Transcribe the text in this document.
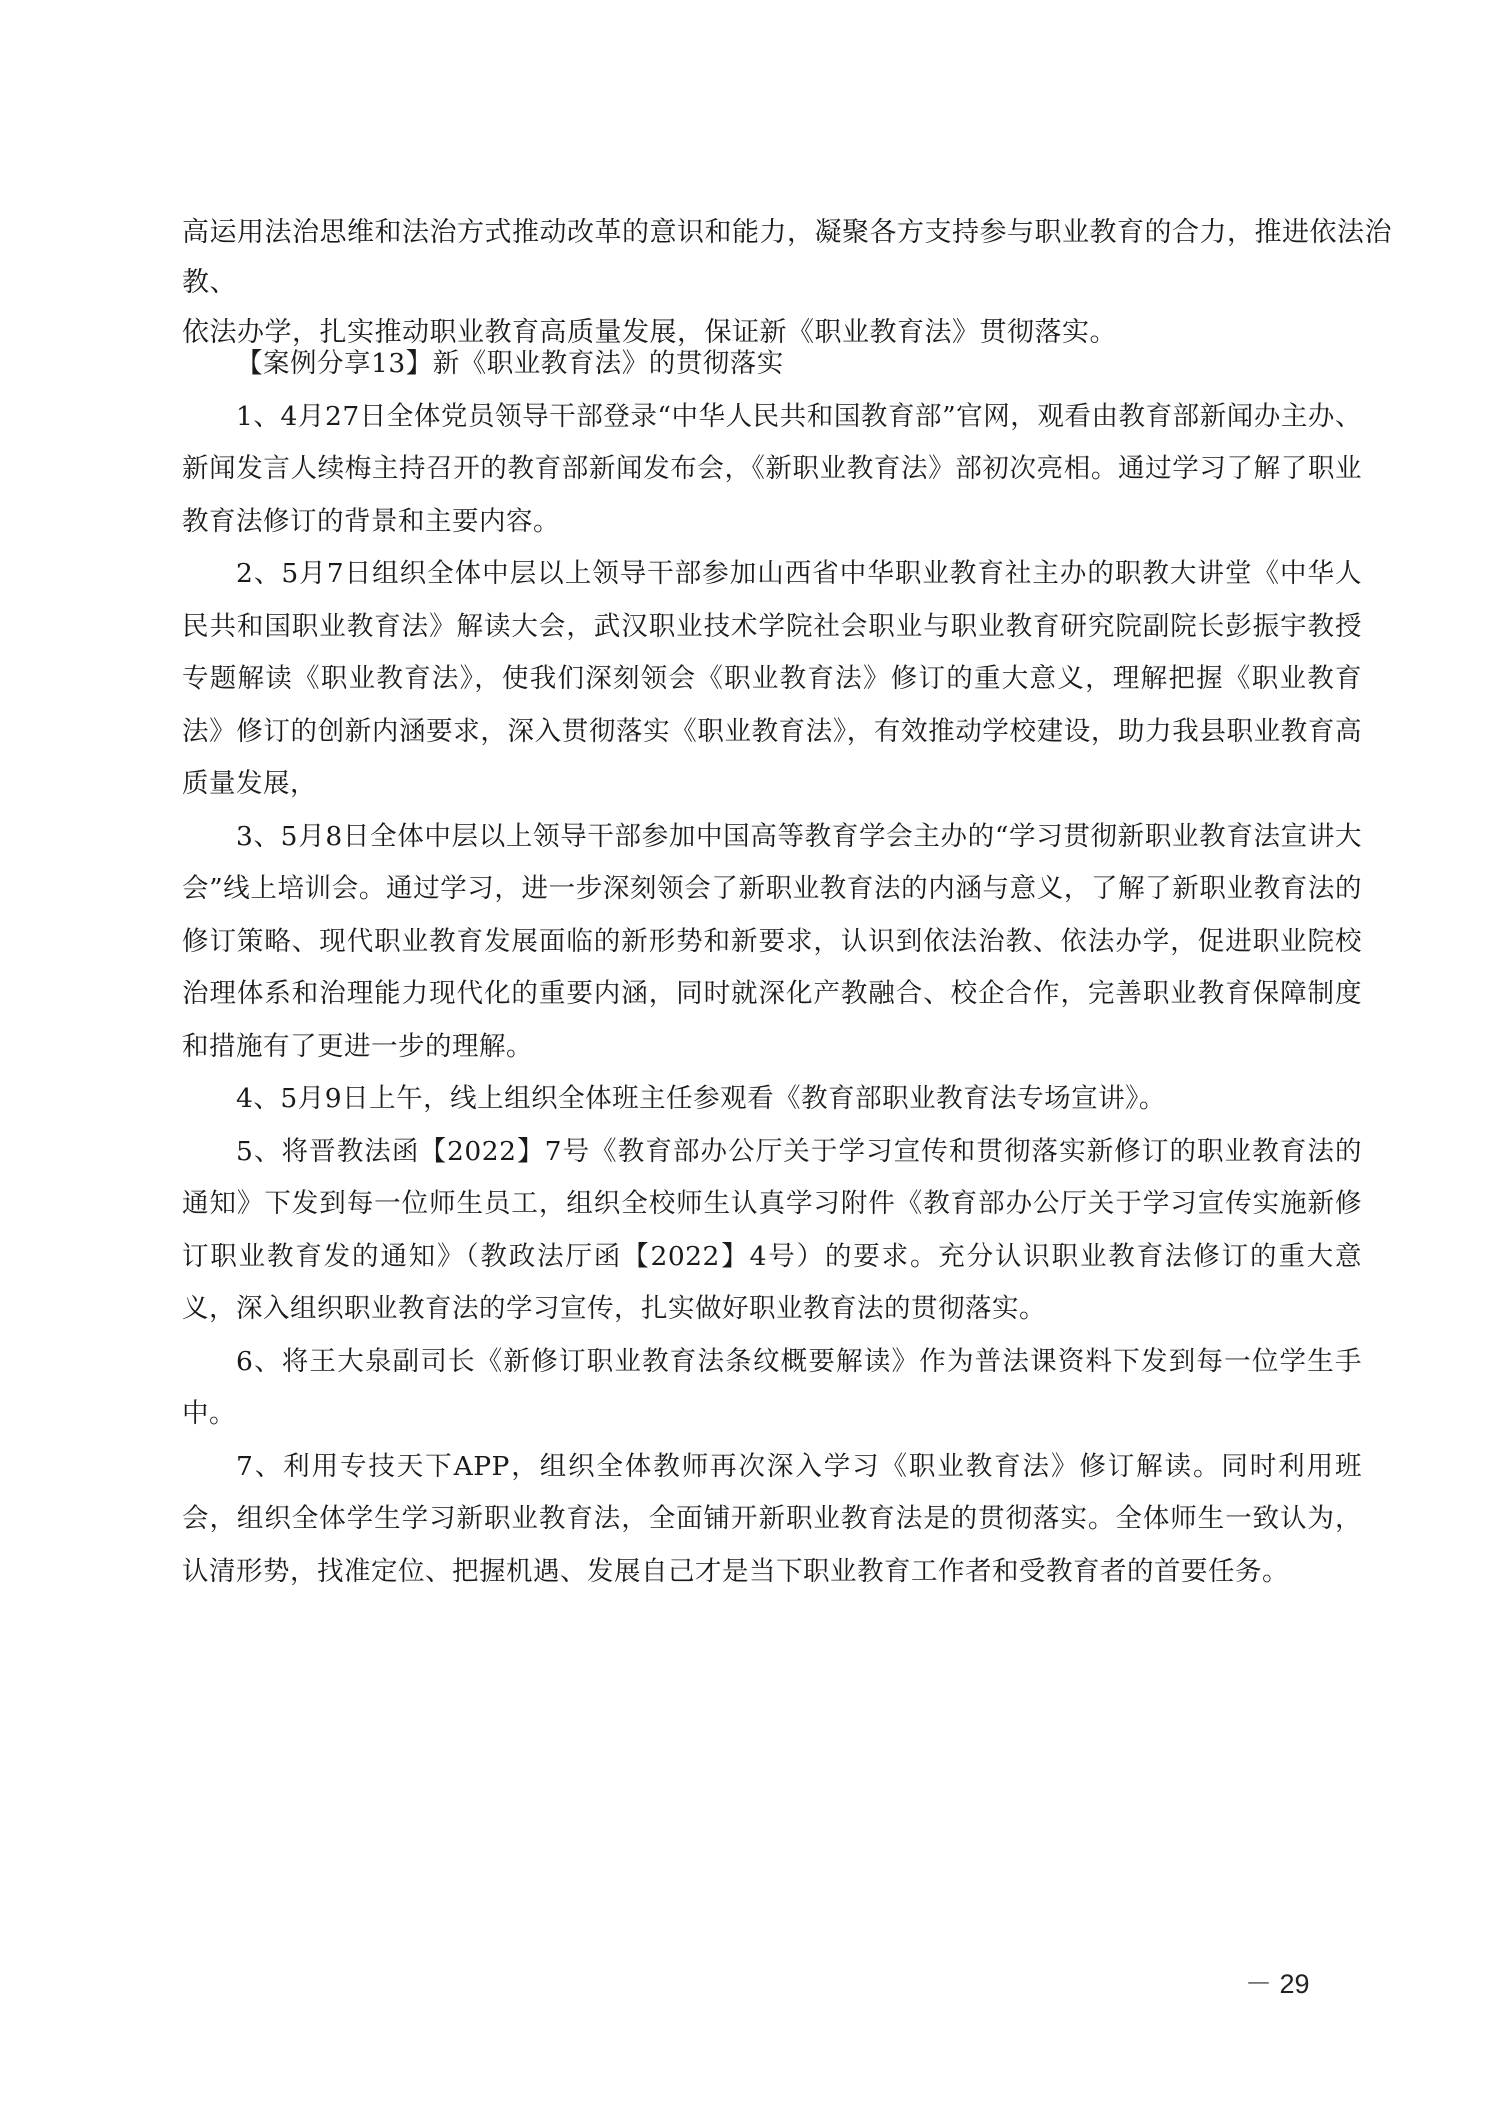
高运用法治思维和法治方式推动改革的意识和能力，凝聚各方支持参与职业教育的合力，推进依法治教、
依法办学，扎实推动职业教育高质量发展，保证新《职业教育法》贯彻落实。

【案例分享13】新《职业教育法》的贯彻落实

1、4月27日全体党员领导干部登录“中华人民共和国教育部”官网，观看由教育部新闻办主办、新闻发言人续梅主持召开的教育部新闻发布会，《新职业教育法》部初次亮相。通过学习了解了职业教育法修订的背景和主要内容。

2、5月7日组织全体中层以上领导干部参加山西省中华职业教育社主办的职教大讲堂《中华人民共和国职业教育法》解读大会，武汉职业技术学院社会职业与职业教育研究院副院长彭振宇教授专题解读《职业教育法》，使我们深刻领会《职业教育法》修订的重大意义，理解把握《职业教育法》修订的创新内涵要求，深入贯彻落实《职业教育法》，有效推动学校建设，助力我县职业教育高质量发展，

3、5月8日全体中层以上领导干部参加中国高等教育学会主办的“学习贯彻新职业教育法宣讲大会”线上培训会。通过学习，进一步深刻领会了新职业教育法的内涵与意义，了解了新职业教育法的修订策略、现代职业教育发展面临的新形势和新要求，认识到依法治教、依法办学，促进职业院校治理体系和治理能力现代化的重要内涵，同时就深化产教融合、校企合作，完善职业教育保障制度和措施有了更进一步的理解。

4、5月9日上午，线上组织全体班主任参观看《教育部职业教育法专场宣讲》。

5、将晋教法函【2022】7号《教育部办公厅关于学习宣传和贯彻落实新修订的职业教育法的通知》下发到每一位师生员工，组织全校师生认真学习附件《教育部办公厅关于学习宣传实施新修订职业教育发的通知》（教政法厅函【2022】4号）的要求。充分认识职业教育法修订的重大意义，深入组织职业教育法的学习宣传，扎实做好职业教育法的贯彻落实。

6、将王大泉副司长《新修订职业教育法条纹概要解读》作为普法课资料下发到每一位学生手中。

7、利用专技天下APP，组织全体教师再次深入学习《职业教育法》修订解读。同时利用班会，组织全体学生学习新职业教育法，全面铺开新职业教育法是的贯彻落实。全体师生一致认为，认清形势，找准定位、把握机遇、发展自己才是当下职业教育工作者和受教育者的首要任务。

－ 29
